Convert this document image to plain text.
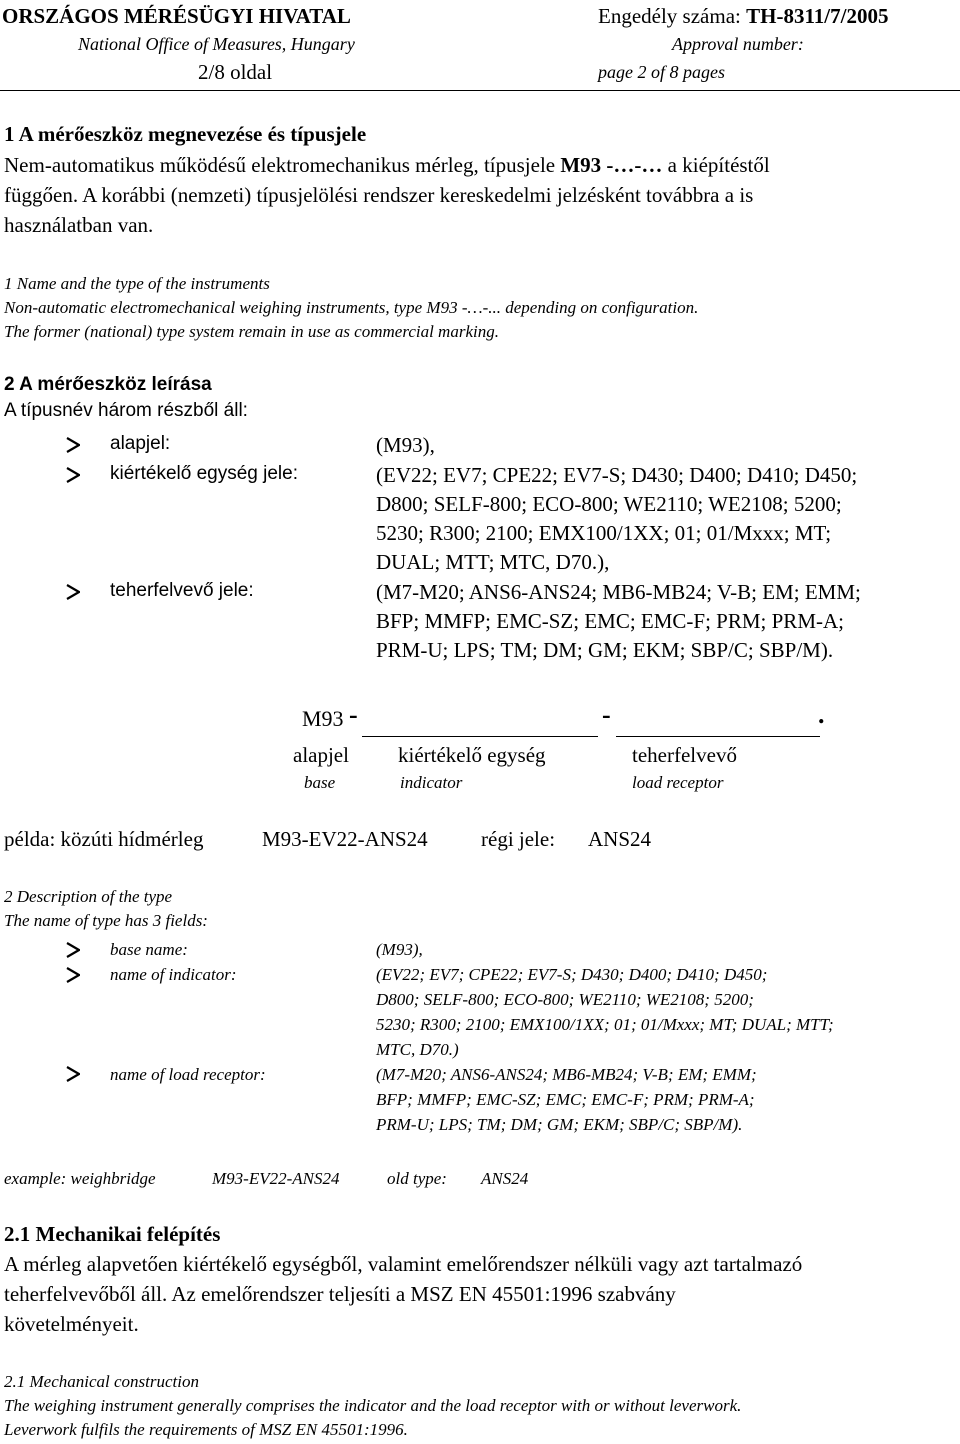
ORSZÁGOS MÉRÉSÜGYI HIVATAL
National Office of Measures, Hungary
2/8 oldal
Engedély száma: TH-8311/7/2005
Approval number:
page 2 of 8 pages
1 A mérőeszköz megnevezése és típusjele
Nem-automatikus működésű elektromechanikus mérleg, típusjele M93 -…-… a kiépítéstől
függően. A korábbi (nemzeti) típusjelölési rendszer kereskedelmi jelzésként továbbra a is
használatban van.
1 Name and the type of the instruments
Non-automatic electromechanical weighing instruments, type M93 -…-... depending on configuration.
The former (national) type system remain in use as commercial marking.
2 A mérőeszköz leírása
A típusnév három részből áll:
alapjel:	(M93),
kiértékelő egység jele:	(EV22; EV7; CPE22; EV7-S; D430; D400; D410; D450;
D800; SELF-800; ECO-800; WE2110; WE2108; 5200;
5230; R300; 2100; EMX100/1XX; 01; 01/Mxxx; MT;
DUAL; MTT; MTC, D70.),
teherfelvevő jele:	(M7-M20; ANS6-ANS24; MB6-MB24; V-B; EM; EMM;
BFP; MMFP; EMC-SZ; EMC; EMC-F; PRM; PRM-A;
PRM-U; LPS; TM; DM; GM; EKM; SBP/C; SBP/M).
M93 -	-	.
alapjel kiértékelő egység	teherfelvevő
base	indicator	load receptor
példa: közúti hídmérleg	M93-EV22-ANS24	régi jele: ANS24
2 Description of the type
The name of type has 3 fields:
base name:	(M93),
name of indicator:	(EV22; EV7; CPE22; EV7-S; D430; D400; D410; D450;
D800; SELF-800; ECO-800; WE2110; WE2108; 5200;
5230; R300; 2100; EMX100/1XX; 01; 01/Mxxx; MT; DUAL; MTT;
MTC, D70.)
name of load receptor:	(M7-M20; ANS6-ANS24; MB6-MB24; V-B; EM; EMM;
BFP; MMFP; EMC-SZ; EMC; EMC-F; PRM; PRM-A;
PRM-U; LPS; TM; DM; GM; EKM; SBP/C; SBP/M).
example: weighbridge	M93-EV22-ANS24	old type: ANS24
2.1 Mechanikai felépítés
A mérleg alapvetően kiértékelő egységből, valamint emelőrendszer nélküli vagy azt tartalmazó
teherfelvevőből áll. Az emelőrendszer teljesíti a MSZ EN 45501:1996 szabvány
követelményeit.
2.1 Mechanical construction
The weighing instrument generally comprises the indicator and the load receptor with or without leverwork.
Leverwork fulfils the requirements of MSZ EN 45501:1996.
